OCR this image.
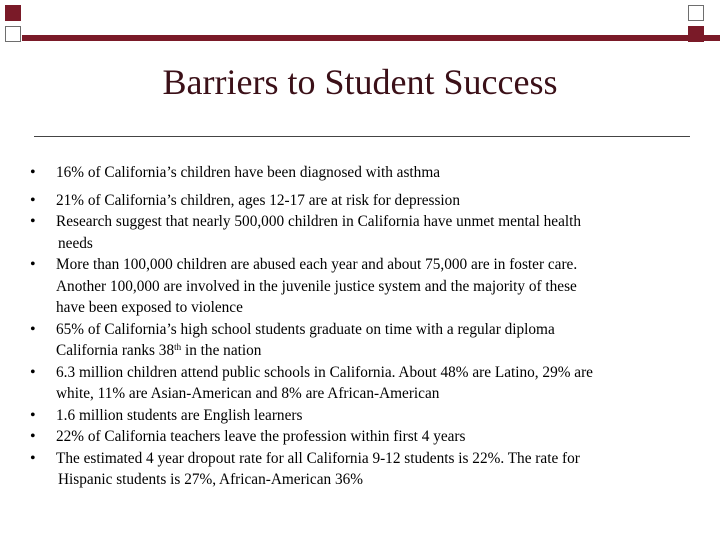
Barriers to Student Success
• 16% of California’s children have been diagnosed with asthma
• 21% of California’s children, ages 12-17 are at risk for depression
• Research suggest that nearly 500,000 children in California have unmet mental health
needs
• More than 100,000 children are abused each year and about 75,000 are in foster care.
Another 100,000 are involved in the juvenile justice system and the majority of these
have been exposed to violence
• 65% of California’s high school students graduate on time with a regular diploma
California ranks 38th in the nation
• 6.3 million children attend public schools in California. About 48% are Latino, 29% are
white, 11% are Asian-American and 8% are African-American
• 1.6 million students are English learners
• 22% of California teachers leave the profession within first 4 years
• The estimated 4 year dropout rate for all California 9-12 students is 22%. The rate for
Hispanic students is 27%, African-American 36%
